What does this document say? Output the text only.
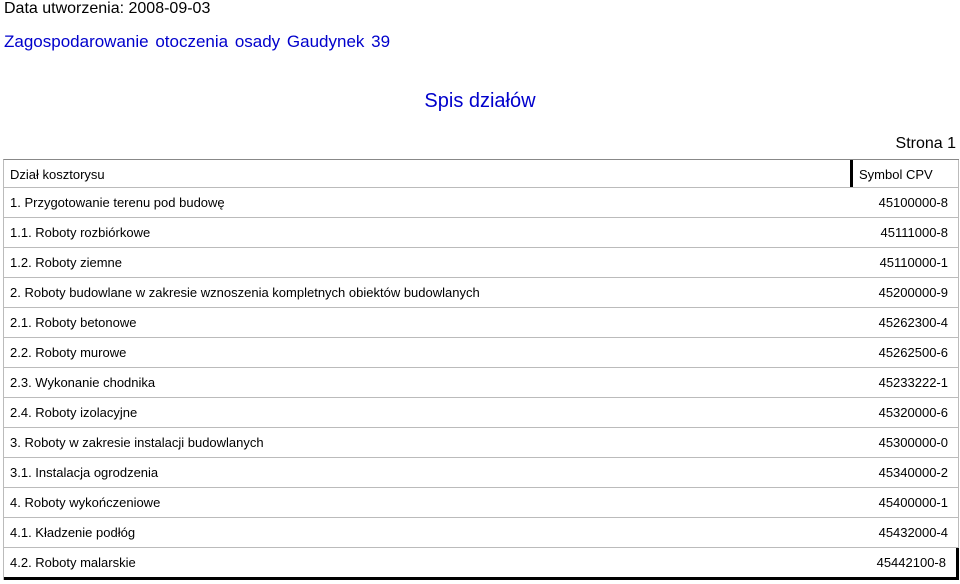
Data utworzenia: 2008-09-03
Zagospodarowanie otoczenia osady Gaudynek 39
Spis działów
Strona 1
Dział kosztorysu	Symbol CPV
1. Przygotowanie terenu pod budowę	45100000-8
1.1. Roboty rozbiórkowe	45111000-8
1.2. Roboty ziemne	45110000-1
2. Roboty budowlane w zakresie wznoszenia kompletnych obiektów budowlanych	45200000-9
2.1. Roboty betonowe	45262300-4
2.2. Roboty murowe	45262500-6
2.3. Wykonanie chodnika	45233222-1
2.4. Roboty izolacyjne	45320000-6
3. Roboty w zakresie instalacji budowlanych	45300000-0
3.1. Instalacja ogrodzenia	45340000-2
4. Roboty wykończeniowe	45400000-1
4.1. Kładzenie podłóg	45432000-4
4.2. Roboty malarskie	45442100-8
